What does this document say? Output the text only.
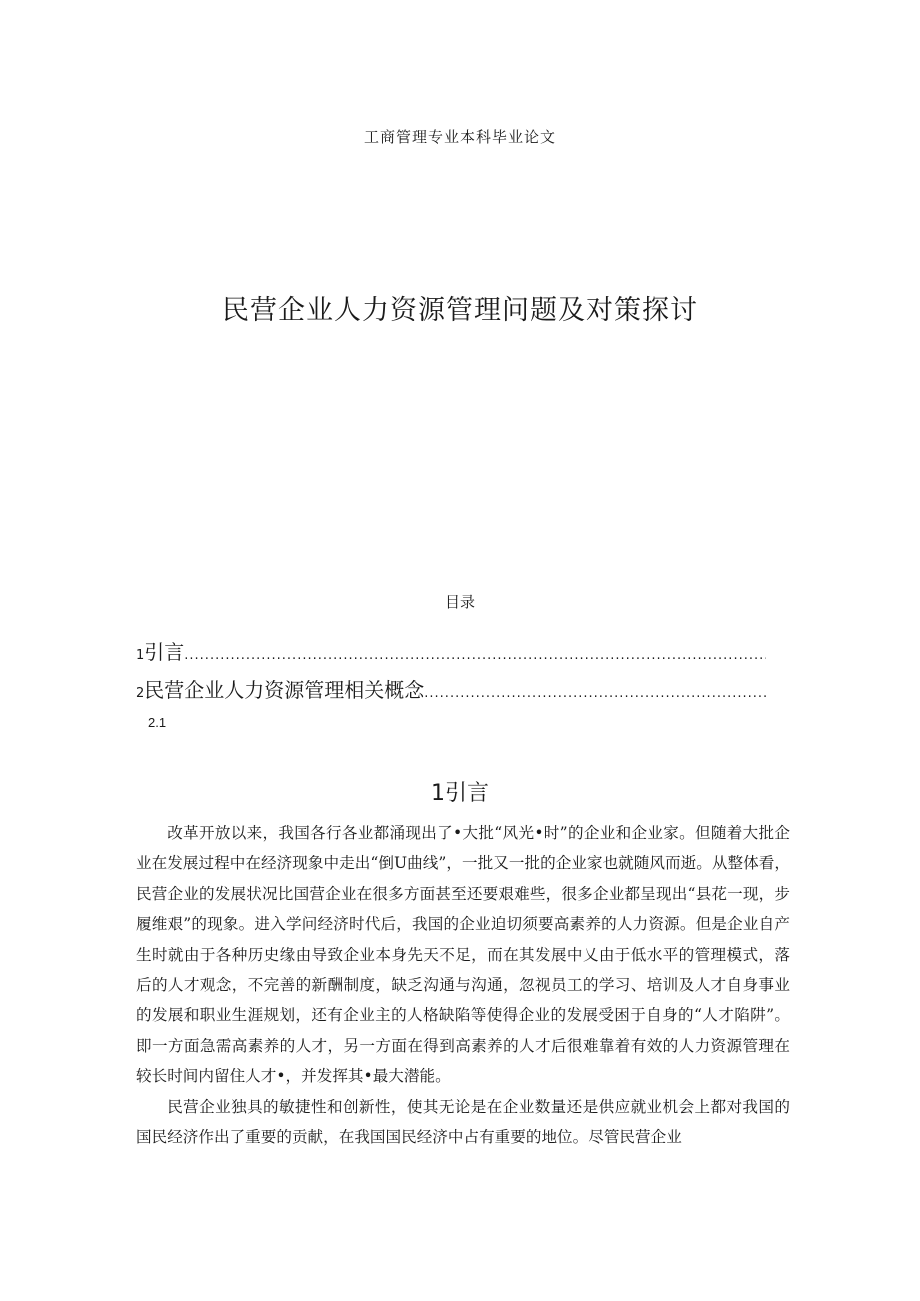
工商管理专业本科毕业论文
民营企业人力资源管理问题及对策探讨
目录
1 引言
.....
2 民营企业人力资源管理相关概念
.....
2.1
1引言

改革开放以来，我国各行各业都涌现出了•大批“风光•时”的企业和企业家。但随着大批企业在发展过程中在经济现象中走出“倒U曲线”，一批又一批的企业家也就随风而逝。从整体看，民营企业的发展状况比国营企业在很多方面甚至还要艰难些，很多企业都呈现出“县花一现，步履维艰”的现象。进入学问经济时代后，我国的企业迫切须要高素养的人力资源。但是企业自产生时就由于各种历史缘由导致企业本身先天不足，而在其发展中乂由于低水平的管理模式，落后的人才观念，不完善的新酬制度，缺乏沟通与沟通，忽视员工的学习、培训及人才自身事业的发展和职业生涯规划，还有企业主的人格缺陷等使得企业的发展受困于自身的“人才陷阱”。即一方面急需高素养的人才，另一方面在得到高素养的人才后很难靠着有效的人力资源管理在较长时间内留住人才•，并发挥其•最大潜能。

民营企业独具的敏捷性和创新性，使其无论是在企业数量还是供应就业机会上都对我国的国民经济作出了重要的贡献，在我国国民经济中占有重要的地位。尽管民营企业
